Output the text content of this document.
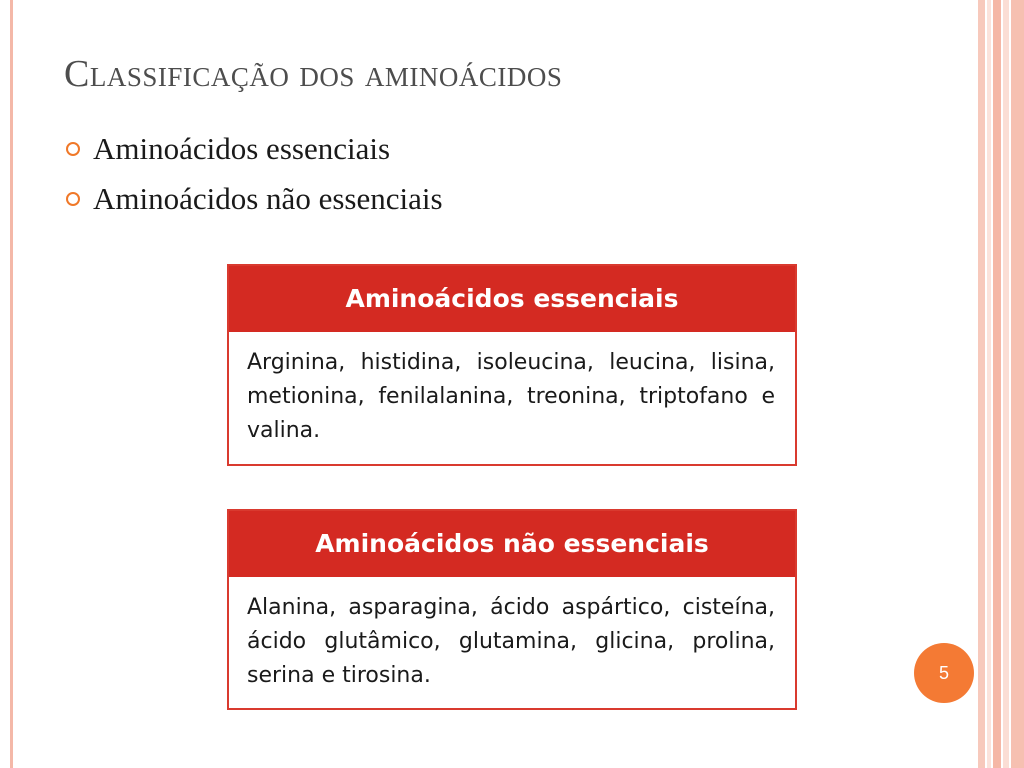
Classificação dos aminoácidos
Aminoácidos essenciais
Aminoácidos não essenciais
Aminoácidos essenciais
Arginina, histidina, isoleucina, leucina, lisina, metionina, fenilalanina, treonina, triptofano e valina.
Aminoácidos não essenciais
Alanina, asparagina, ácido aspártico, cisteína, ácido glutâmico, glutamina, glicina, prolina, serina e tirosina.	5
